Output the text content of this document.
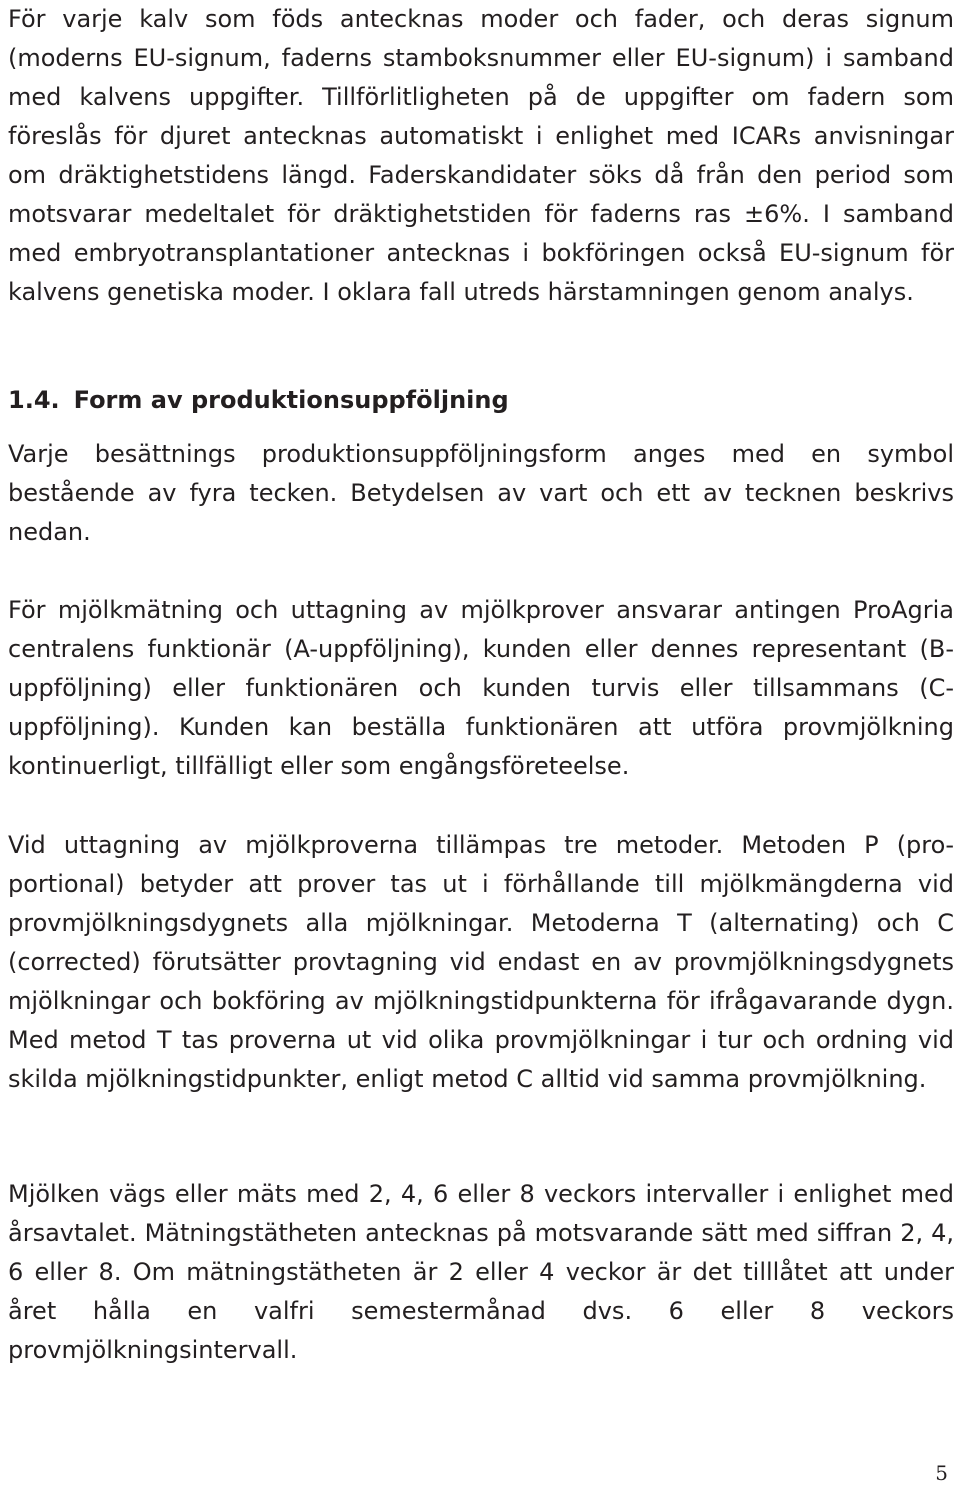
För varje kalv som föds antecknas moder och fader, och deras signum (moderns EU-signum, faderns stamboksnummer eller EU-signum) i samband med kalvens uppgifter. Tillförlitligheten på de uppgifter om fadern som föreslås för djuret antecknas automatiskt i enlighet med ICARs anvisningar om dräktighetstidens längd. Faderskandidater söks då från den period som motsvarar medeltalet för dräktighetstiden för faderns ras ±6%. I samband med embryotransplantationer antecknas i bokföringen också EU-signum för kalvens genetiska moder. I oklara fall utreds härstamningen genom analys.

1.4. Form av produktionsuppföljning

Varje besättnings produktionsuppföljningsform anges med en symbol bestående av fyra tecken. Betydelsen av vart och ett av tecknen beskrivs nedan.

För mjölkmätning och uttagning av mjölkprover ansvarar antingen ProAgria centralens funktionär (A-uppföljning), kunden eller dennes representant (B-uppföljning) eller funktionären och kunden turvis eller tillsammans (C-uppföljning). Kunden kan beställa funktionären att utföra provmjölkning kontinuerligt, tillfälligt eller som engångsföreteelse.

Vid uttagning av mjölkproverna tillämpas tre metoder. Metoden P (proportional) betyder att prover tas ut i förhållande till mjölkmängderna vid provmjölkningsdygnets alla mjölkningar. Metoderna T (alternating) och C (corrected) förutsätter provtagning vid endast en av provmjölkningsdygnets mjölkningar och bokföring av mjölkningstidpunkterna för ifrågavarande dygn. Med metod T tas proverna ut vid olika provmjölkningar i tur och ordning vid skilda mjölkningstidpunkter, enligt metod C alltid vid samma provmjölkning.

Mjölken vägs eller mäts med 2, 4, 6 eller 8 veckors intervaller i enlighet med årsavtalet. Mätningstätheten antecknas på motsvarande sätt med siffran 2, 4, 6 eller 8. Om mätningstätheten är 2 eller 4 veckor är det tilllåtet att under året hålla en valfri semestermånad dvs. 6 eller 8 veckors provmjölkningsintervall.

5
